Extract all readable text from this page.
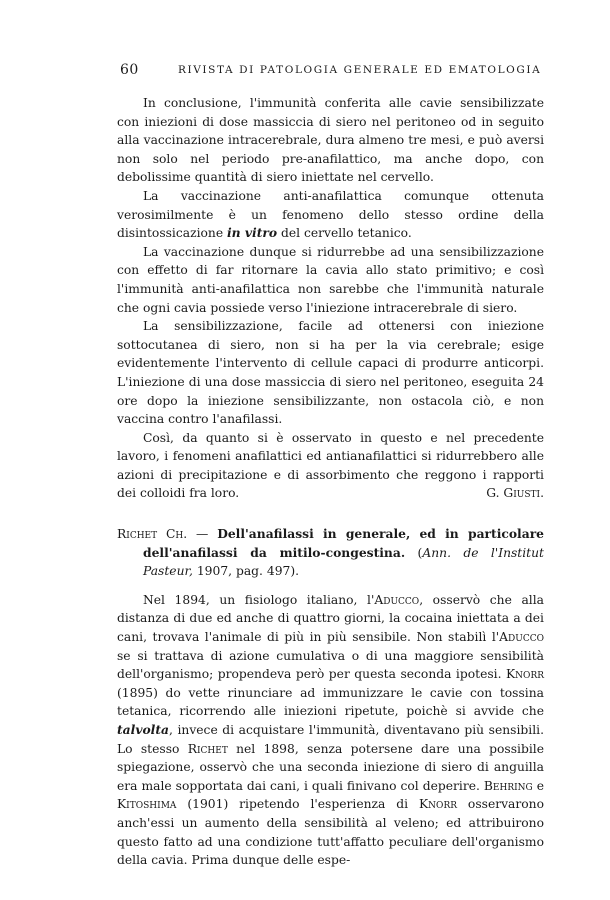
60	RIVISTA DI PATOLOGIA GENERALE ED EMATOLOGIA

In conclusione, l'immunità conferita alle cavie sensibilizzate con iniezioni di dose massiccia di siero nel peritoneo od in seguito alla vaccinazione intracerebrale, dura almeno tre mesi, e può aversi non solo nel periodo pre-anafilattico, ma anche dopo, con debolissime quantità di siero iniettate nel cervello.

La vaccinazione anti-anafilattica comunque ottenuta verosimilmente è un fenomeno dello stesso ordine della disintossicazione in vitro del cervello tetanico.

La vaccinazione dunque si ridurrebbe ad una sensibilizzazione con effetto di far ritornare la cavia allo stato primitivo; e così l'immunità anti-anafilattica non sarebbe che l'immunità naturale che ogni cavia possiede verso l'iniezione intracerebrale di siero.

La sensibilizzazione, facile ad ottenersi con iniezione sottocutanea di siero, non si ha per la via cerebrale; esige evidentemente l'intervento di cellule capaci di produrre anticorpi. L'iniezione di una dose massiccia di siero nel peritoneo, eseguita 24 ore dopo la iniezione sensibilizzante, non ostacola ciò, e non vaccina contro l'anafilassi.

Così, da quanto si è osservato in questo e nel precedente lavoro, i fenomeni anafilattici ed antianafilattici si ridurrebbero alle azioni di precipitazione e di assorbimento che reggono i rapporti dei colloidi fra loro.	G. Giusti.

Richet Ch. — Dell'anafilassi in generale, ed in particolare dell'anafilassi da mitilo-congestina. (Ann. de l'Institut Pasteur, 1907, pag. 497).

Nel 1894, un fisiologo italiano, l'Aducco, osservò che alla distanza di due ed anche di quattro giorni, la cocaina iniettata a dei cani, trovava l'animale di più in più sensibile. Non stabilì l'Aducco se si trattava di azione cumulativa o di una maggiore sensibilità dell'organismo; propendeva però per questa seconda ipotesi. Knorr (1895) do vette rinunciare ad immunizzare le cavie con tossina tetanica, ricorrendo alle iniezioni ripetute, poichè si avvide che talvolta, invece di acquistare l'immunità, diventavano più sensibili. Lo stesso Richet nel 1898, senza potersene dare una possibile spiegazione, osservò che una seconda iniezione di siero di anguilla era male sopportata dai cani, i quali finivano col deperire. Behring e Kitoshima (1901) ripetendo l'esperienza di Knorr osservarono anch'essi un aumento della sensibilità al veleno; ed attribuirono questo fatto ad una condizione tutt'affatto peculiare dell'organismo della cavia. Prima dunque delle espe-
